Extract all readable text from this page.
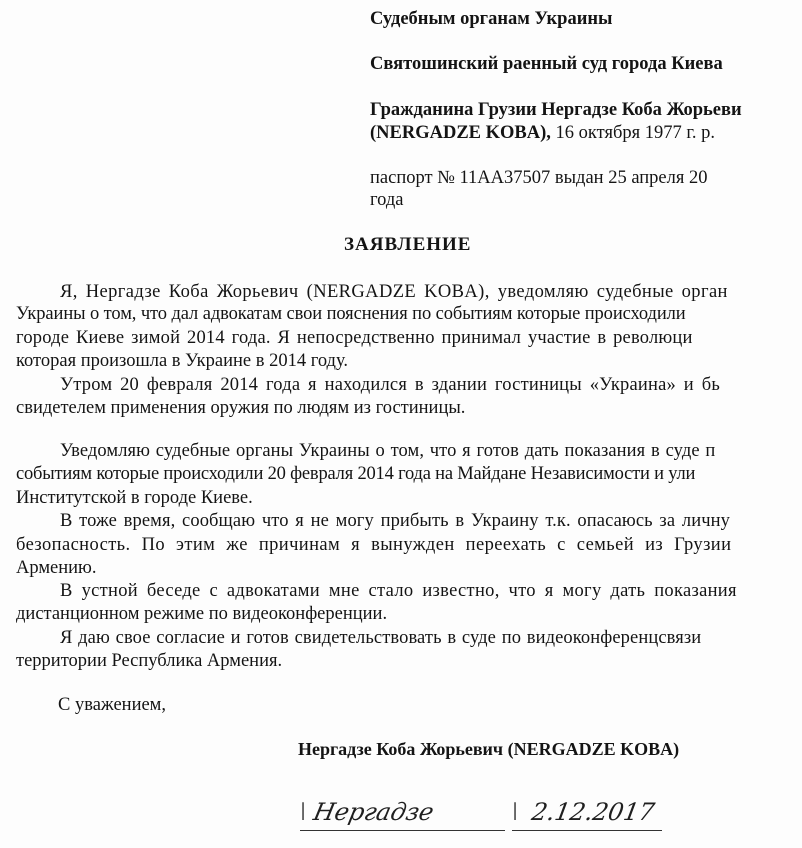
Судебным органам Украины
Святошинский раенный суд города Киева
Гражданина Грузии Нергадзе Коба Жорьеви
(NERGADZE KOBA), 16 октября 1977 г. р.
паспорт № 11AA37507 выдан 25 апреля 20
года
ЗАЯВЛЕНИЕ
Я, Нергадзе Коба Жорьевич (NERGADZE KOBA), уведомляю судебные орган
Украины о том, что дал адвокатам свои пояснения по событиям которые происходили
городе Киеве зимой 2014 года. Я непосредственно принимал участие в революци
которая произошла в Украине в 2014 году.
Утром 20 февраля 2014 года я находился в здании гостиницы «Украина» и бь
свидетелем применения оружия по людям из гостиницы.
Уведомляю судебные органы Украины о том, что я готов дать показания в суде п
событиям которые происходили 20 февраля 2014 года на Майдане Независимости и ули
Институтской в городе Киеве.
В тоже время, сообщаю что я не могу прибыть в Украину т.к. опасаюсь за личну
безопасность. По этим же причинам я вынужден переехать с семьей из Грузии
Армению.
В устной беседе с адвокатами мне стало известно, что я могу дать показания
дистанционном режиме по видеоконференции.
Я даю свое согласие и готов свидетельствовать в суде по видеоконференцсвязи
территории Республика Армения.
С уважением,
Нергадзе Коба Жорьевич (NERGADZE KOBA)
| Нергадзе	| 2.12.2017
